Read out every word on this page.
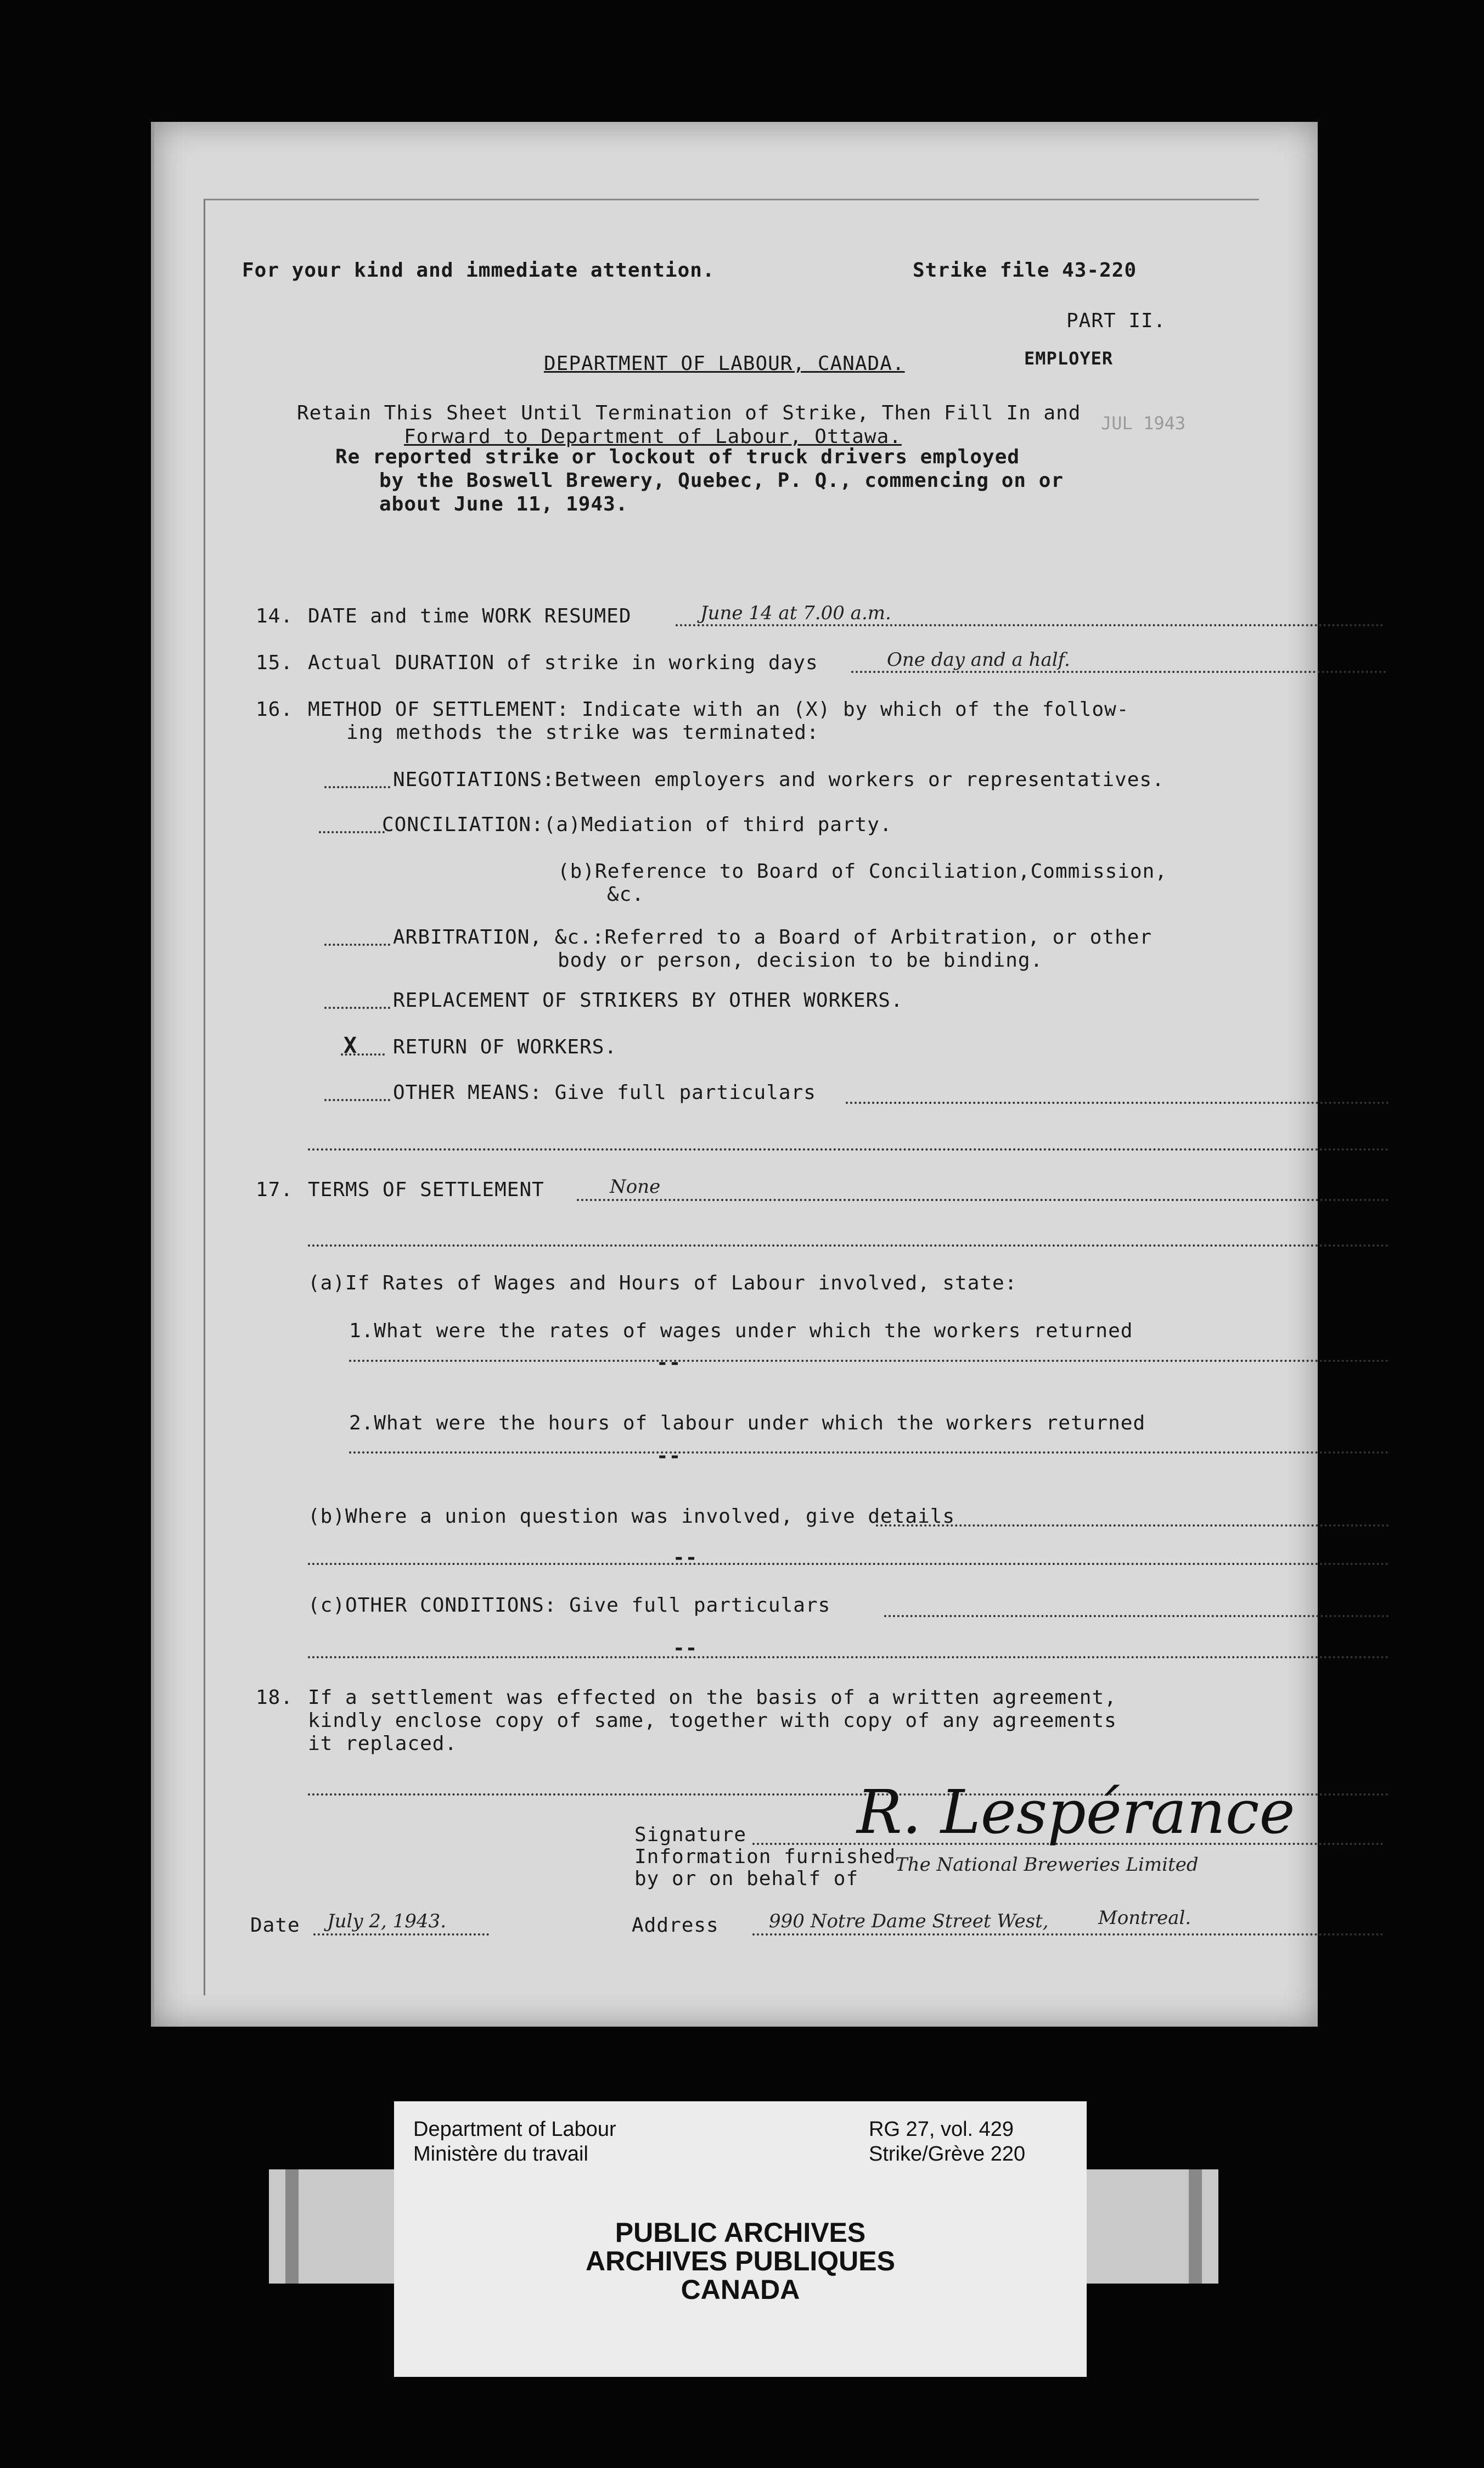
For your kind and immediate attention.	Strike file 43-220
PART II.
DEPARTMENT OF LABOUR, CANADA.	EMPLOYER
JUL 1943
Retain This Sheet Until Termination of Strike, Then Fill In and
Forward to Department of Labour, Ottawa.
Re reported strike or lockout of truck drivers employed
by the Boswell Brewery, Quebec, P. Q., commencing on or
about June 11, 1943.
14. DATE and time WORK RESUMED	June 14 at 7.00 a.m.
15. Actual DURATION of strike in working days	One day and a half.
16. METHOD OF SETTLEMENT: Indicate with an (X) by which of the follow-
ing methods the strike was terminated:
NEGOTIATIONS:Between employers and workers or representatives.
CONCILIATION:(a)Mediation of third party.
(b)Reference to Board of Conciliation,Commission,
&c.
ARBITRATION, &c.:Referred to a Board of Arbitration, or other
body or person, decision to be binding.
REPLACEMENT OF STRIKERS BY OTHER WORKERS.
X RETURN OF WORKERS.
OTHER MEANS: Give full particulars
17. TERMS OF SETTLEMENT	None
(a)If Rates of Wages and Hours of Labour involved, state:
1.What were the rates of wages under which the workers returned
--
2.What were the hours of labour under which the workers returned
--
(b)Where a union question was involved, give details
--
(c)OTHER CONDITIONS: Give full particulars
--
18. If a settlement was effected on the basis of a written agreement,
kindly enclose copy of same, together with copy of any agreements
it replaced.
Signature R. Lespérance
Information furnished
by or on behalf of
The National Breweries Limited
Date July 2, 1943.	Address	990 Notre Dame Street West,	Montreal.
Department of Labour
Ministère du travail
RG 27, vol. 429
Strike/Grève 220
PUBLIC ARCHIVES
ARCHIVES PUBLIQUES
CANADA
